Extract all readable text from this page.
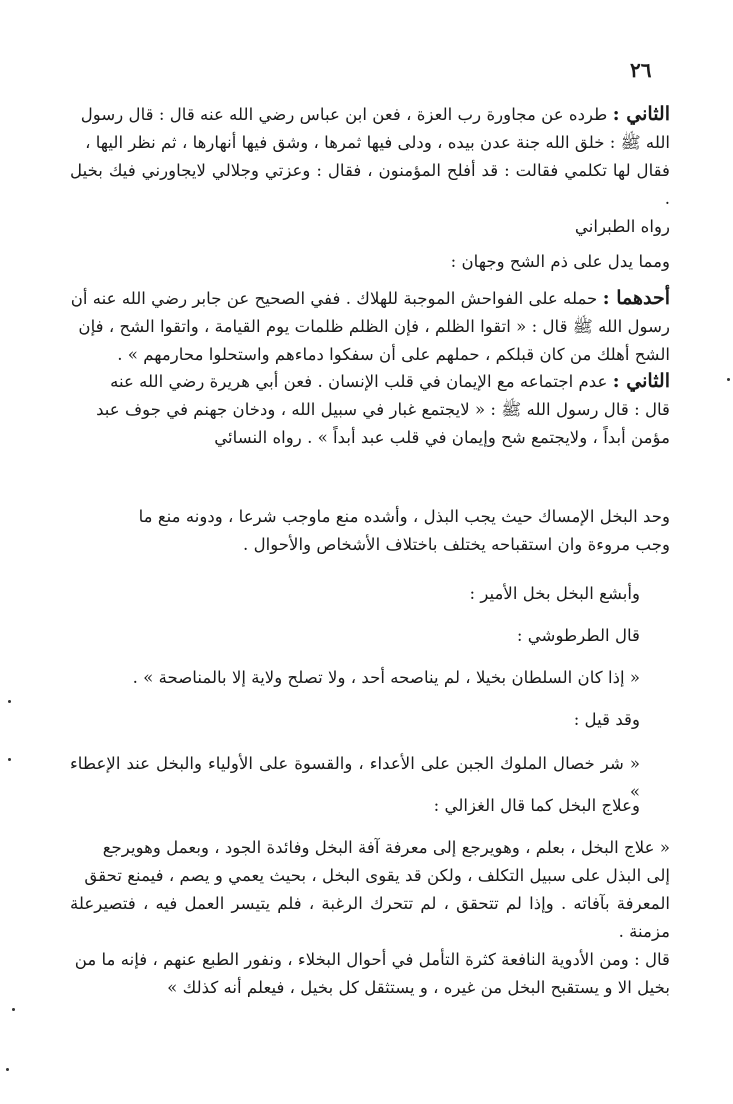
٢٦

الثاني : طرده عن مجاورة رب العزة ، فعن ابن عباس رضي الله عنه قال : قال رسول
الله ﷺ : خلق الله جنة عدن بيده ، ودلى فيها ثمرها ، وشق فيها أنهارها ، ثم نظر اليها ،
فقال لها تكلمي فقالت : قد أفلح المؤمنون ، فقال : وعزتي وجلالي لايجاورني فيك بخيل .
رواه الطبراني

ومما يدل على ذم الشح وجهان :

أحدهما : حمله على الفواحش الموجبة للهلاك . ففي الصحيح عن جابر رضي الله عنه أن
رسول الله ﷺ قال : « اتقوا الظلم ، فإن الظلم ظلمات يوم القيامة ، واتقوا الشح ، فإن
الشح أهلك من كان قبلكم ، حملهم على أن سفكوا دماءهم واستحلوا محارمهم » .

الثاني : عدم اجتماعه مع الإيمان في قلب الإنسان . فعن أبي هريرة رضي الله عنه
قال : قال رسول الله ﷺ : « لايجتمع غبار في سبيل الله ، ودخان جهنم في جوف عبد
مؤمن أبداً ، ولايجتمع شح وإيمان في قلب عبد أبداً » . رواه النسائي

وحد البخل الإمساك حيث يجب البذل ، وأشده منع ماوجب شرعا ، ودونه منع ما
وجب مروءة وان استقباحه يختلف باختلاف الأشخاص والأحوال .

وأبشع البخل بخل الأمير :
قال الطرطوشي :
« إذا كان السلطان بخيلا ، لم يناصحه أحد ، ولا تصلح ولاية إلا بالمناصحة » .
وقد قيل :
« شر خصال الملوك الجبن على الأعداء ، والقسوة على الأولياء والبخل عند الإعطاء »
وعلاج البخل كما قال الغزالي :

« علاج البخل ، بعلم ، وهويرجع إلى معرفة آفة البخل وفائدة الجود ، وبعمل وهويرجع
إلى البذل على سبيل التكلف ، ولكن قد يقوى البخل ، بحيث يعمي و يصم ، فيمنع تحقق
المعرفة بآفاته . وإذا لم تتحقق ، لم تتحرك الرغبة ، فلم يتيسر العمل فيه ، فتصيرعلة مزمنة .
قال : ومن الأدوية النافعة كثرة التأمل في أحوال البخلاء ، ونفور الطبع عنهم ، فإنه ما من
بخيل الا و يستقبح البخل من غيره ، و يستثقل كل بخيل ، فيعلم أنه كذلك »
